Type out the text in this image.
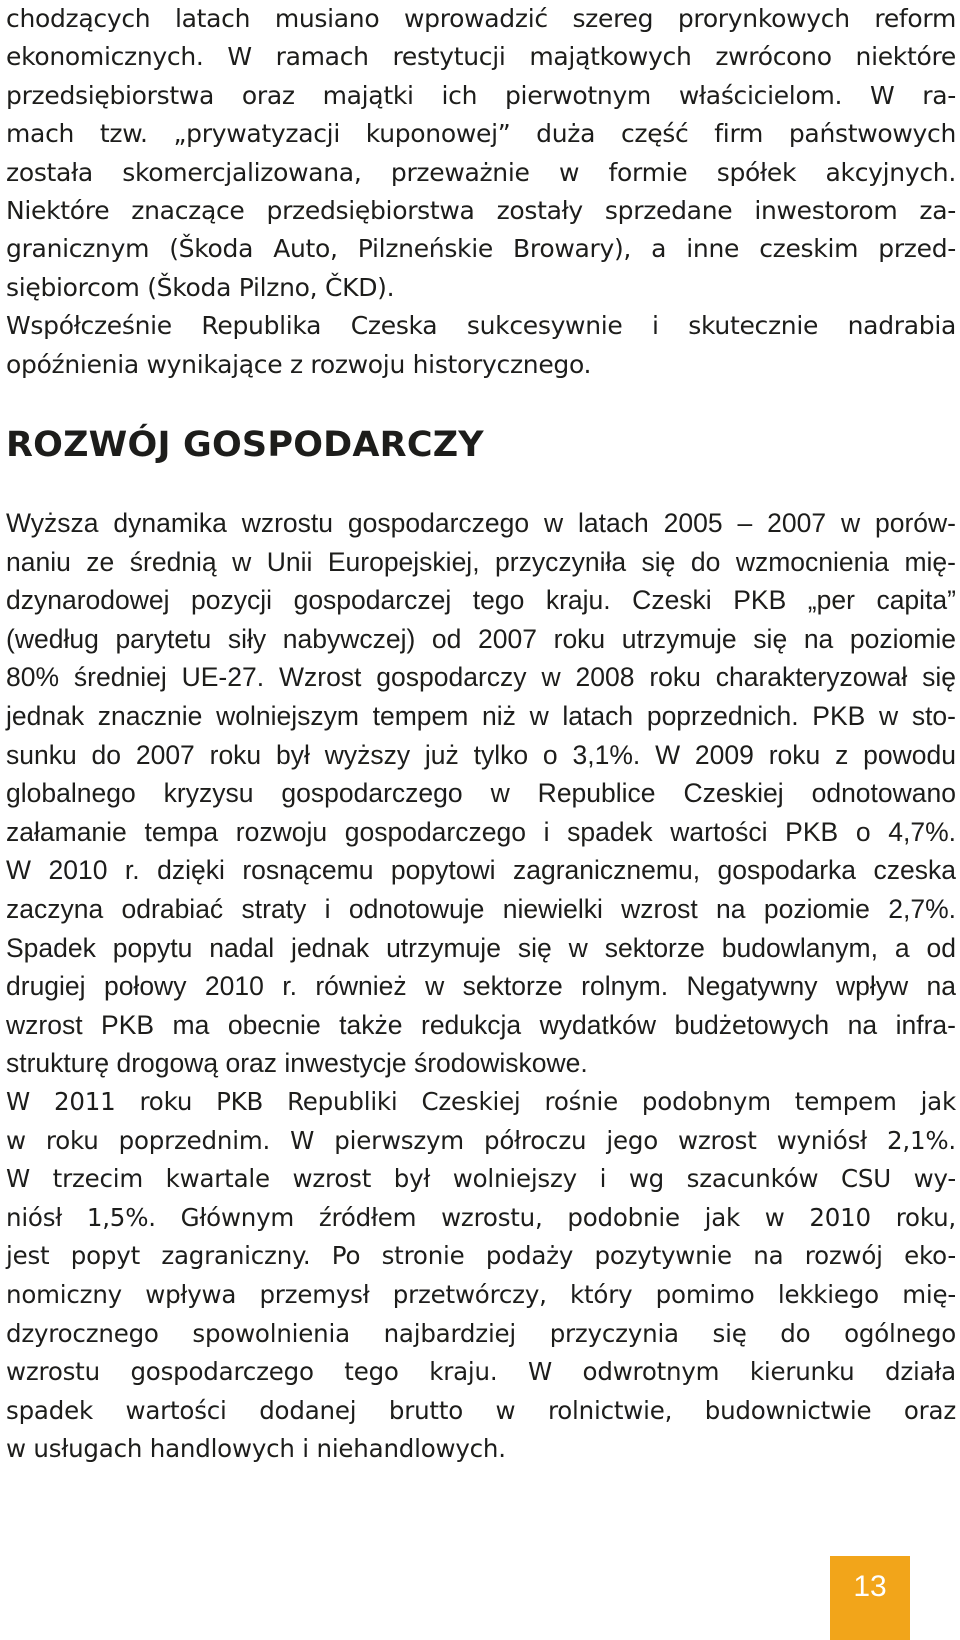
chodzących latach musiano wprowadzić szereg prorynkowych reform
ekonomicznych. W ramach restytucji majątkowych zwrócono niektóre
przedsiębiorstwa oraz majątki ich pierwotnym właścicielom. W ra-
mach tzw. „prywatyzacji kuponowej” duża część firm państwowych
została skomercjalizowana, przeważnie w formie spółek akcyjnych.
Niektóre znaczące przedsiębiorstwa zostały sprzedane inwestorom za-
granicznym (Škoda Auto, Pilzneńskie Browary), a inne czeskim przed-
siębiorcom (Škoda Pilzno, ČKD).
Współcześnie Republika Czeska sukcesywnie i skutecznie nadrabia
opóźnienia wynikające z rozwoju historycznego.

ROZWÓJ GOSPODARCZY

Wyższa dynamika wzrostu gospodarczego w latach 2005 – 2007 w porów-
naniu ze średnią w Unii Europejskiej, przyczyniła się do wzmocnienia mię-
dzynarodowej pozycji gospodarczej tego kraju. Czeski PKB „per capita”
(według parytetu siły nabywczej) od 2007 roku utrzymuje się na poziomie
80% średniej UE-27. Wzrost gospodarczy w 2008 roku charakteryzował się
jednak znacznie wolniejszym tempem niż w latach poprzednich. PKB w sto-
sunku do 2007 roku był wyższy już tylko o 3,1%. W 2009 roku z powodu
globalnego kryzysu gospodarczego w Republice Czeskiej odnotowano
załamanie tempa rozwoju gospodarczego i spadek wartości PKB o 4,7%.
W 2010 r. dzięki rosnącemu popytowi zagranicznemu, gospodarka czeska
zaczyna odrabiać straty i odnotowuje niewielki wzrost na poziomie 2,7%.
Spadek popytu nadal jednak utrzymuje się w sektorze budowlanym, a od
drugiej połowy 2010 r. również w sektorze rolnym. Negatywny wpływ na
wzrost PKB ma obecnie także redukcja wydatków budżetowych na infra-
strukturę drogową oraz inwestycje środowiskowe.

W 2011 roku PKB Republiki Czeskiej rośnie podobnym tempem jak
w roku poprzednim. W pierwszym półroczu jego wzrost wyniósł 2,1%.
W trzecim kwartale wzrost był wolniejszy i wg szacunków CSU wy-
niósł 1,5%. Głównym źródłem wzrostu, podobnie jak w 2010 roku,
jest popyt zagraniczny. Po stronie podaży pozytywnie na rozwój eko-
nomiczny wpływa przemysł przetwórczy, który pomimo lekkiego mię-
dzyrocznego spowolnienia najbardziej przyczynia się do ogólnego
wzrostu gospodarczego tego kraju. W odwrotnym kierunku działa
spadek wartości dodanej brutto w rolnictwie, budownictwie oraz
w usługach handlowych i niehandlowych.

13
